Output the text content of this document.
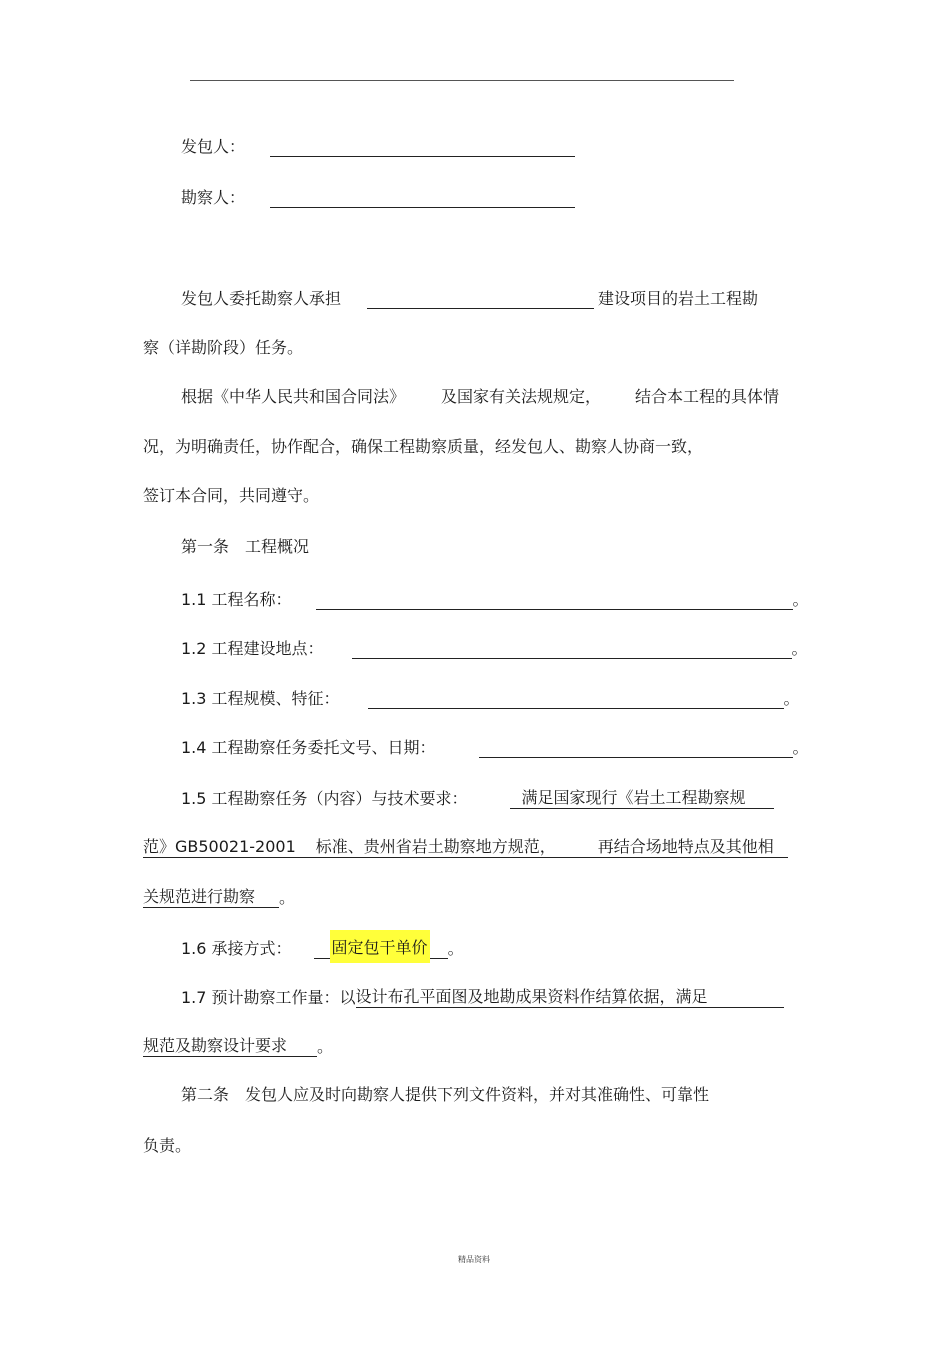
发包人：
勘察人：
发包人委托勘察人承担	建设项目的岩土工程勘
察（详勘阶段）任务。
根据《中华人民共和国合同法》 及国家有关法规规定， 结合本工程的具体情
况，为明确责任，协作配合，确保工程勘察质量，经发包人、勘察人协商一致，
签订本合同，共同遵守。
第一条　工程概况
1.1 工程名称：	。
1.2 工程建设地点：	。
1.3 工程规模、特征：	。
1.4 工程勘察任务委托文号、日期：	。
1.5 工程勘察任务（内容）与技术要求：	满足国家现行《岩土工程勘察规
范》GB50021-2001 标准、贵州省岩土勘察地方规范，	再结合场地特点及其他相
关规范进行勘察 。
1.6 承接方式：	固定包干单价 。
1.7 预计勘察工作量：以设计布孔平面图及地勘成果资料作结算依据，满足
规范及勘察设计要求 。
第二条　发包人应及时向勘察人提供下列文件资料，并对其准确性、可靠性
负责。
精品资料
